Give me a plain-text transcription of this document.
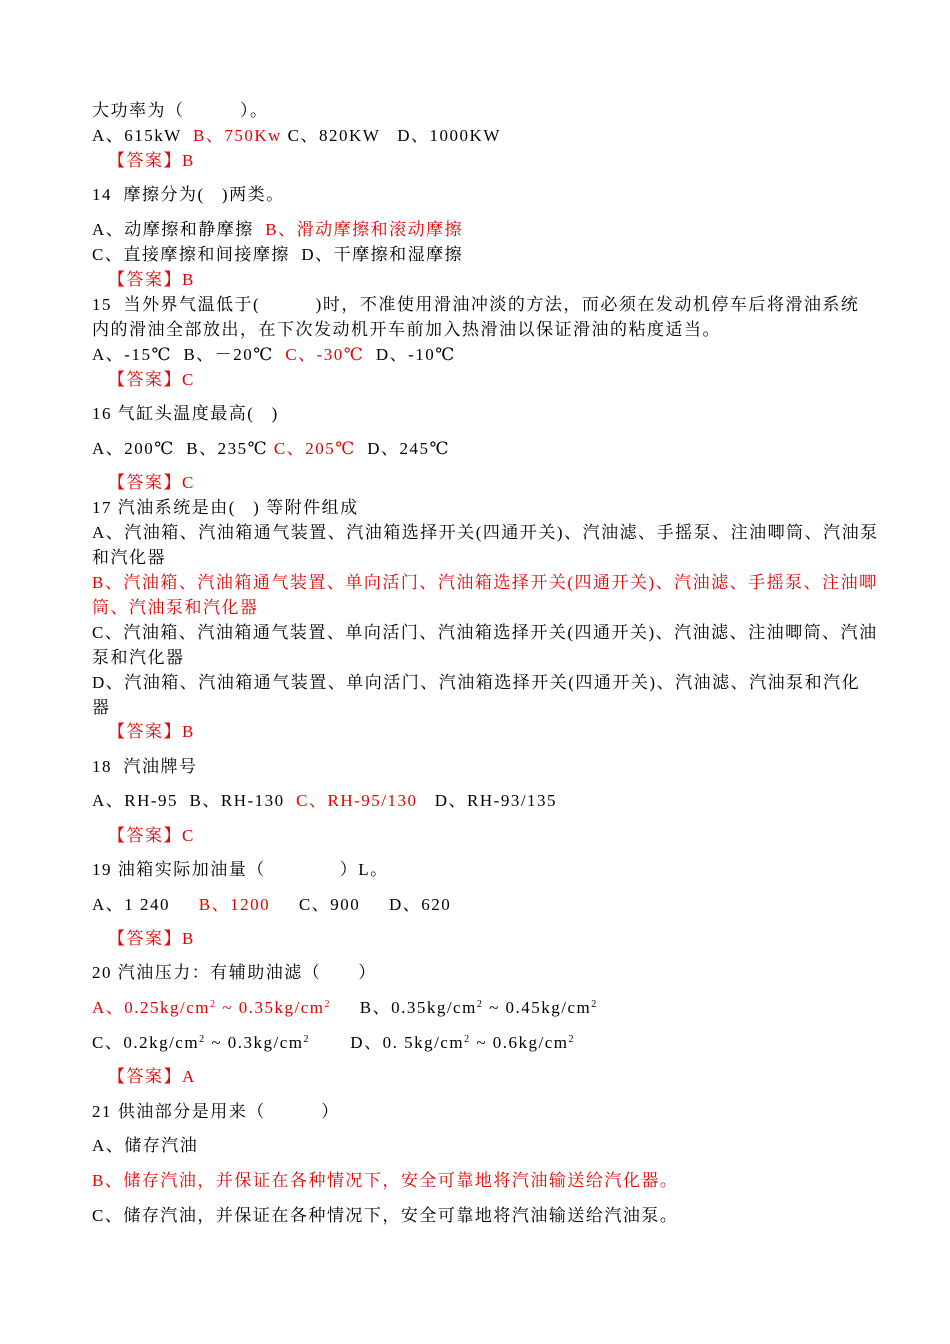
大功率为（　　　）。
A、615kW  B、750Kw C、820KW   D、1000KW
【答案】B
14  摩擦分为(   )两类。
A、动摩擦和静摩擦  B、滑动摩擦和滚动摩擦
C、直接摩擦和间接摩擦  D、干摩擦和湿摩擦
【答案】B
15  当外界气温低于(　　　)时，不准使用滑油冲淡的方法，而必须在发动机停车后将滑油系统
内的滑油全部放出，在下次发动机开车前加入热滑油以保证滑油的粘度适当。
A、-15℃  B、－20℃  C、-30℃  D、-10℃
【答案】C
16 气缸头温度最高(   )
A、200℃  B、235℃ C、205℃  D、245℃
【答案】C
17 汽油系统是由(   ) 等附件组成
A、汽油箱、汽油箱通气装置、汽油箱选择开关(四通开关)、汽油滤、手摇泵、注油唧筒、汽油泵
和汽化器
B、汽油箱、汽油箱通气装置、单向活门、汽油箱选择开关(四通开关)、汽油滤、手摇泵、注油唧
筒、汽油泵和汽化器
C、汽油箱、汽油箱通气装置、单向活门、汽油箱选择开关(四通开关)、汽油滤、注油唧筒、汽油
泵和汽化器
D、汽油箱、汽油箱通气装置、单向活门、汽油箱选择开关(四通开关)、汽油滤、汽油泵和汽化
器
【答案】B
18  汽油牌号
A、RH-95  B、RH-130  C、RH-95/130   D、RH-93/135
【答案】C
19 油箱实际加油量（　　　　）L。
A、1 240     B、1200     C、900     D、620
【答案】B
20 汽油压力：有辅助油滤（　　）
A、$0.25kg/cm^2$ ~ $0.35kg/cm^2$     B、$0.35kg/cm^2$ ~ $0.45kg/cm^2$
C、$0.2kg/cm^2$ ~ $0.3kg/cm^2$       D、0. $5kg/cm^2$ ~ $0.6kg/cm^2$
【答案】A
21 供油部分是用来（　　　）
A、储存汽油
B、储存汽油，并保证在各种情况下，安全可靠地将汽油输送给汽化器。
C、储存汽油，并保证在各种情况下，安全可靠地将汽油输送给汽油泵。
